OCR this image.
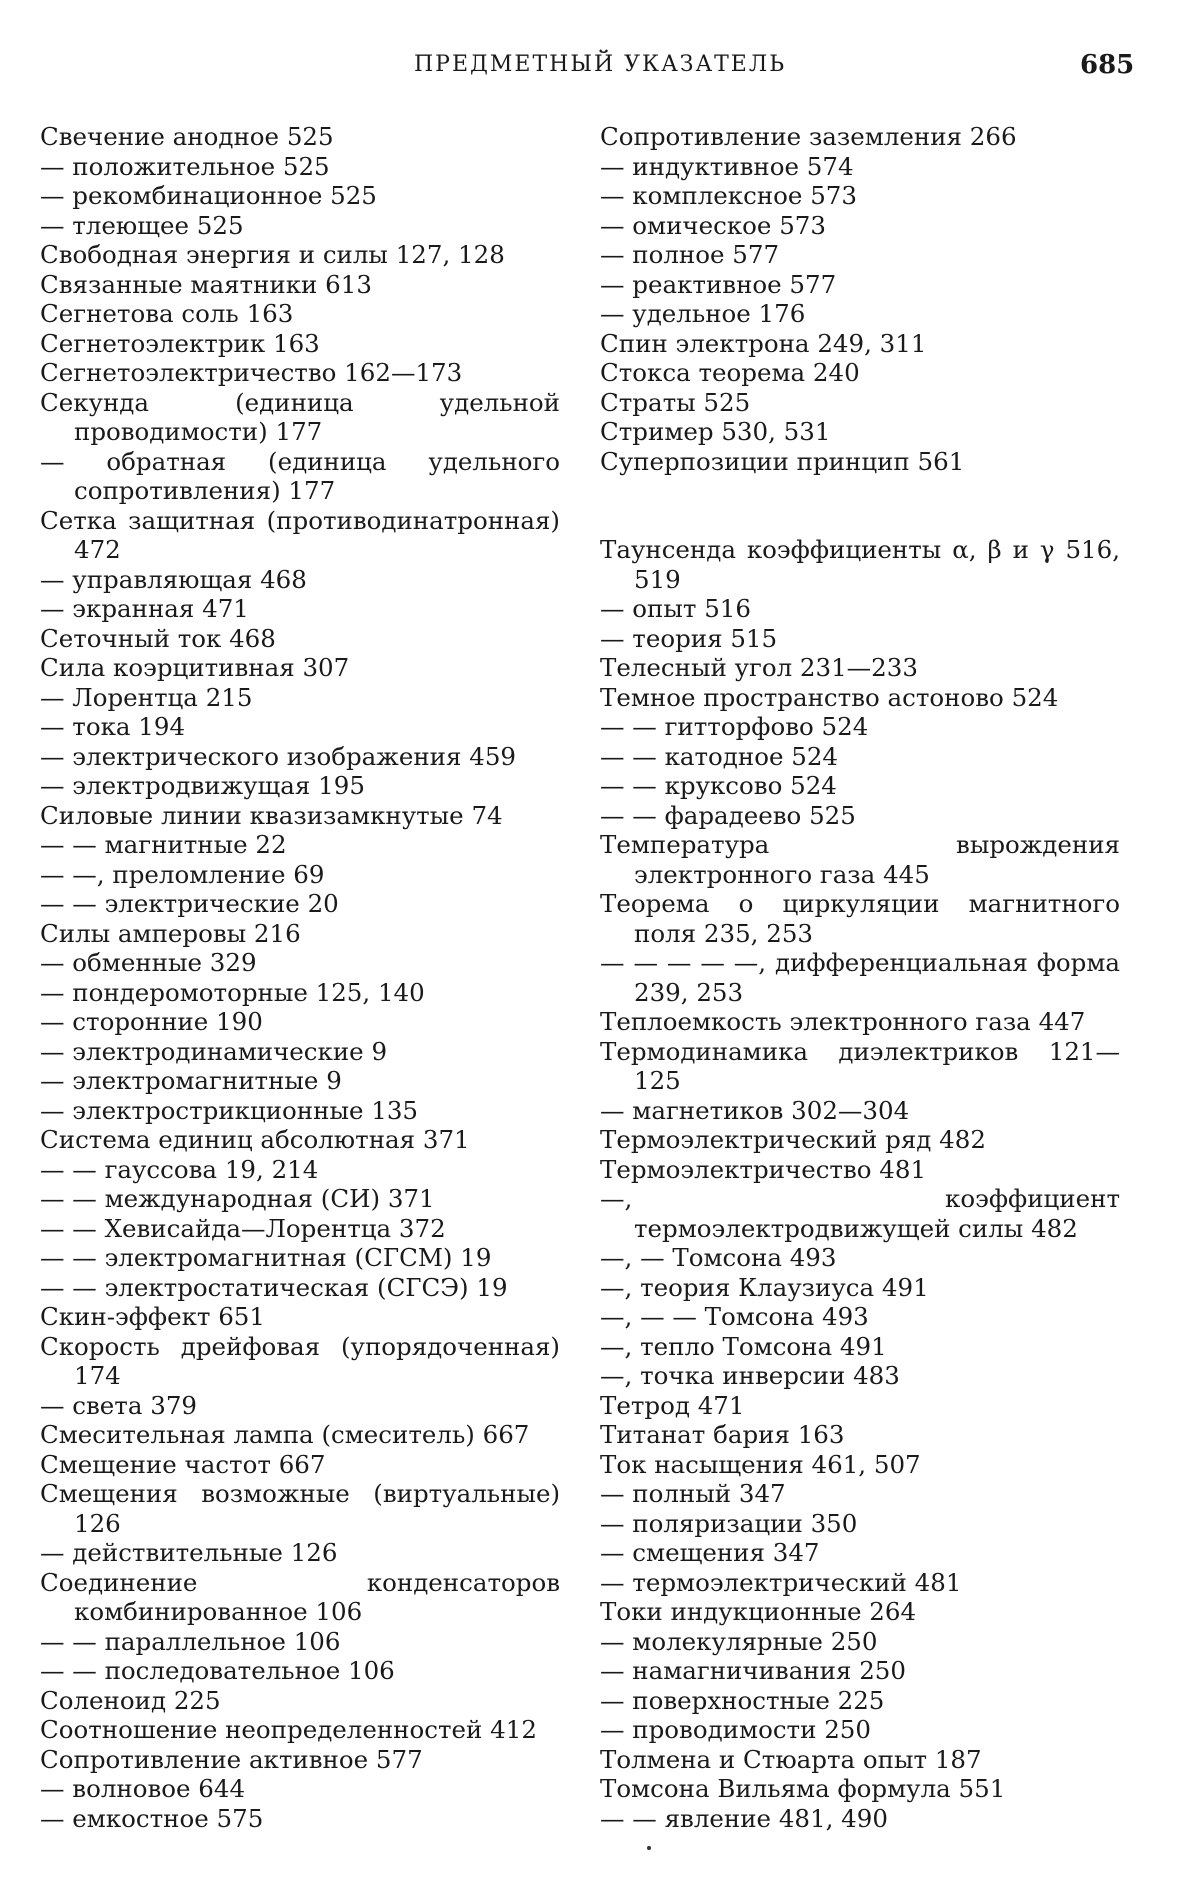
ПРЕДМЕТНЫЙ УКАЗАТЕЛЬ	685
Свечение анодное 525
— положительное 525
— рекомбинационное 525
— тлеющее 525
Свободная энергия и силы 127, 128
Связанные маятники 613
Сегнетова соль 163
Сегнетоэлектрик 163
Сегнетоэлектричество 162—173
Секунда (единица удельной проводимости) 177
— обратная (единица удельного сопротивления) 177
Сетка защитная (противодинатронная) 472
— управляющая 468
— экранная 471
Сеточный ток 468
Сила коэрцитивная 307
— Лорентца 215
— тока 194
— электрического изображения 459
— электродвижущая 195
Силовые линии квазизамкнутые 74
— — магнитные 22
— —, преломление 69
— — электрические 20
Силы амперовы 216
— обменные 329
— пондеромоторные 125, 140
— сторонние 190
— электродинамические 9
— электромагнитные 9
— электрострикционные 135
Система единиц абсолютная 371
— — гауссова 19, 214
— — международная (СИ) 371
— — Хевисайда—Лорентца 372
— — электромагнитная (СГСМ) 19
— — электростатическая (СГСЭ) 19
Скин-эффект 651
Скорость дрейфовая (упорядоченная) 174
— света 379
Смесительная лампа (смеситель) 667
Смещение частот 667
Смещения возможные (виртуальные) 126
— действительные 126
Соединение конденсаторов комбинированное 106
— — параллельное 106
— — последовательное 106
Соленоид 225
Соотношение неопределенностей 412
Сопротивление активное 577
— волновое 644
— емкостное 575
Сопротивление заземления 266
— индуктивное 574
— комплексное 573
— омическое 573
— полное 577
— реактивное 577
— удельное 176
Спин электрона 249, 311
Стокса теорема 240
Страты 525
Стример 530, 531
Суперпозиции принцип 561
Таунсенда коэффициенты α, β и γ 516, 519
— опыт 516
— теория 515
Телесный угол 231—233
Темное пространство астоново 524
— — гитторфово 524
— — катодное 524
— — круксово 524
— — фарадеево 525
Температура вырождения электронного газа 445
Теорема о циркуляции магнитного поля 235, 253
— — — — —, дифференциальная форма 239, 253
Теплоемкость электронного газа 447
Термодинамика диэлектриков 121—125
— магнетиков 302—304
Термоэлектрический ряд 482
Термоэлектричество 481
—, коэффициент термоэлектродвижущей силы 482
—, — Томсона 493
—, теория Клаузиуса 491
—, — — Томсона 493
—, тепло Томсона 491
—, точка инверсии 483
Тетрод 471
Титанат бария 163
Ток насыщения 461, 507
— полный 347
— поляризации 350
— смещения 347
— термоэлектрический 481
Токи индукционные 264
— молекулярные 250
— намагничивания 250
— поверхностные 225
— проводимости 250
Толмена и Стюарта опыт 187
Томсона Вильяма формула 551
— — явление 481, 490
